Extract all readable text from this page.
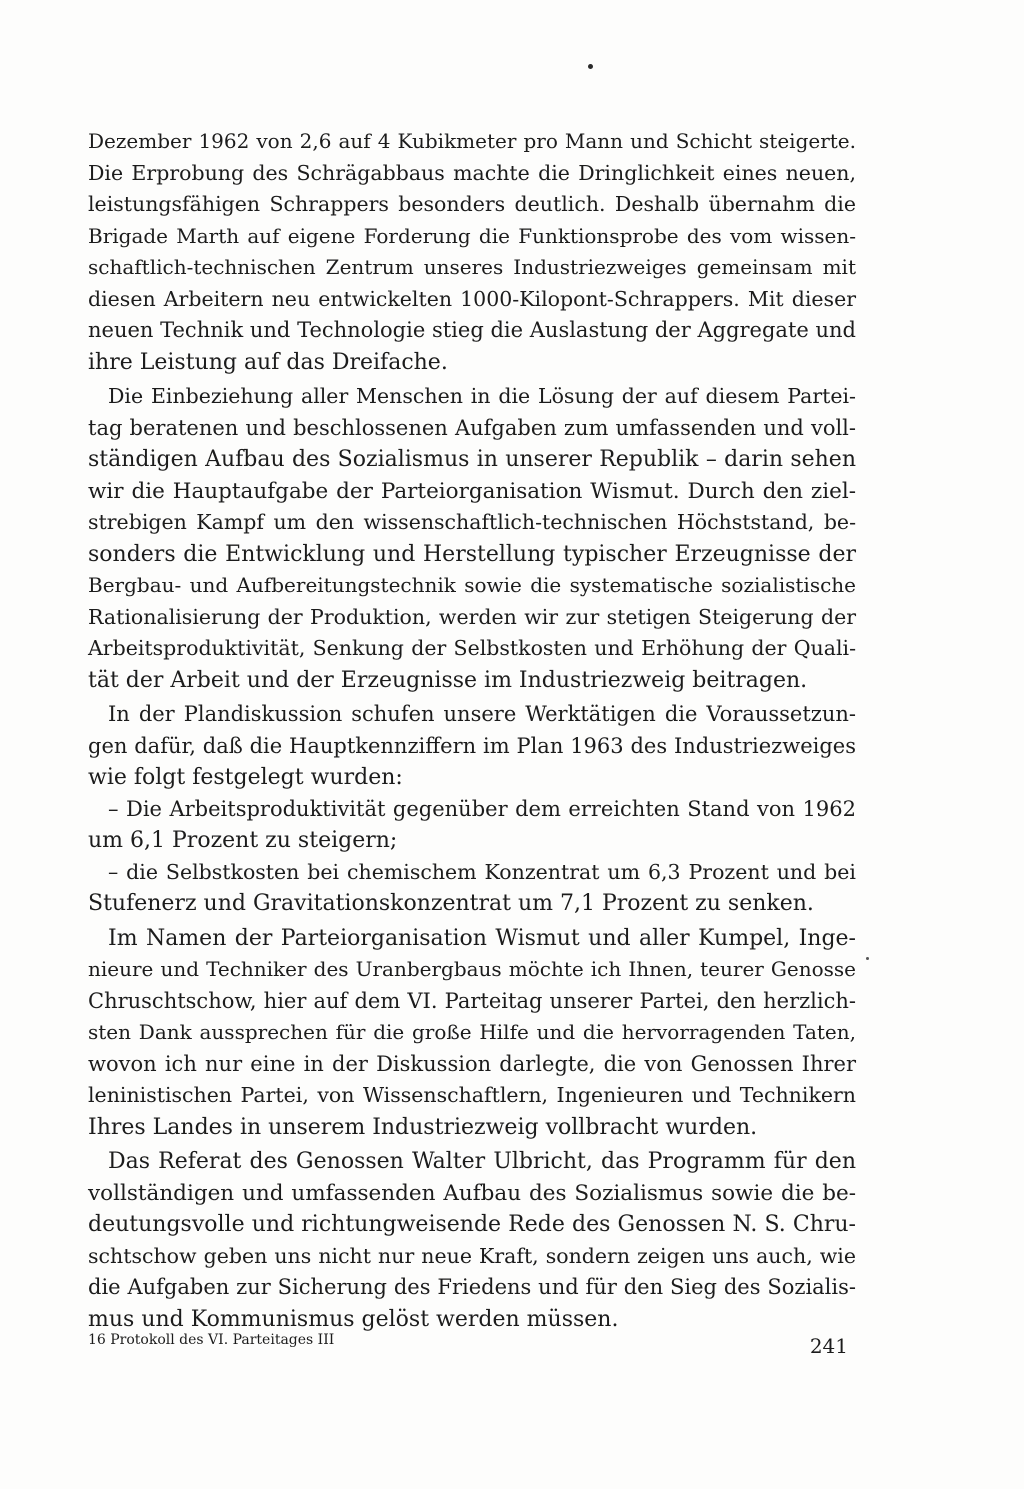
Dezember 1962 von 2,6 auf 4 Kubikmeter pro Mann und Schicht steigerte.
Die Erprobung des Schrägabbaus machte die Dringlichkeit eines neuen,
leistungsfähigen Schrappers besonders deutlich. Deshalb übernahm die
Brigade Marth auf eigene Forderung die Funktionsprobe des vom wissen-
schaftlich-technischen Zentrum unseres Industriezweiges gemeinsam mit
diesen Arbeitern neu entwickelten 1000-Kilopont-Schrappers. Mit dieser
neuen Technik und Technologie stieg die Auslastung der Aggregate und
ihre Leistung auf das Dreifache.
Die Einbeziehung aller Menschen in die Lösung der auf diesem Partei-
tag beratenen und beschlossenen Aufgaben zum umfassenden und voll-
ständigen Aufbau des Sozialismus in unserer Republik – darin sehen
wir die Hauptaufgabe der Parteiorganisation Wismut. Durch den ziel-
strebigen Kampf um den wissenschaftlich-technischen Höchststand, be-
sonders die Entwicklung und Herstellung typischer Erzeugnisse der
Bergbau- und Aufbereitungstechnik sowie die systematische sozialistische
Rationalisierung der Produktion, werden wir zur stetigen Steigerung der
Arbeitsproduktivität, Senkung der Selbstkosten und Erhöhung der Quali-
tät der Arbeit und der Erzeugnisse im Industriezweig beitragen.
In der Plandiskussion schufen unsere Werktätigen die Voraussetzun-
gen dafür, daß die Hauptkennziffern im Plan 1963 des Industriezweiges
wie folgt festgelegt wurden:
– Die Arbeitsproduktivität gegenüber dem erreichten Stand von 1962
um 6,1 Prozent zu steigern;
– die Selbstkosten bei chemischem Konzentrat um 6,3 Prozent und bei
Stufenerz und Gravitationskonzentrat um 7,1 Prozent zu senken.
Im Namen der Parteiorganisation Wismut und aller Kumpel, Inge-
nieure und Techniker des Uranbergbaus möchte ich Ihnen, teurer Genosse
Chruschtschow, hier auf dem VI. Parteitag unserer Partei, den herzlich-
sten Dank aussprechen für die große Hilfe und die hervorragenden Taten,
wovon ich nur eine in der Diskussion darlegte, die von Genossen Ihrer
leninistischen Partei, von Wissenschaftlern, Ingenieuren und Technikern
Ihres Landes in unserem Industriezweig vollbracht wurden.
Das Referat des Genossen Walter Ulbricht, das Programm für den
vollständigen und umfassenden Aufbau des Sozialismus sowie die be-
deutungsvolle und richtungweisende Rede des Genossen N. S. Chru-
schtschow geben uns nicht nur neue Kraft, sondern zeigen uns auch, wie
die Aufgaben zur Sicherung des Friedens und für den Sieg des Sozialis-
mus und Kommunismus gelöst werden müssen.
16 Protokoll des VI. Parteitages III	241
